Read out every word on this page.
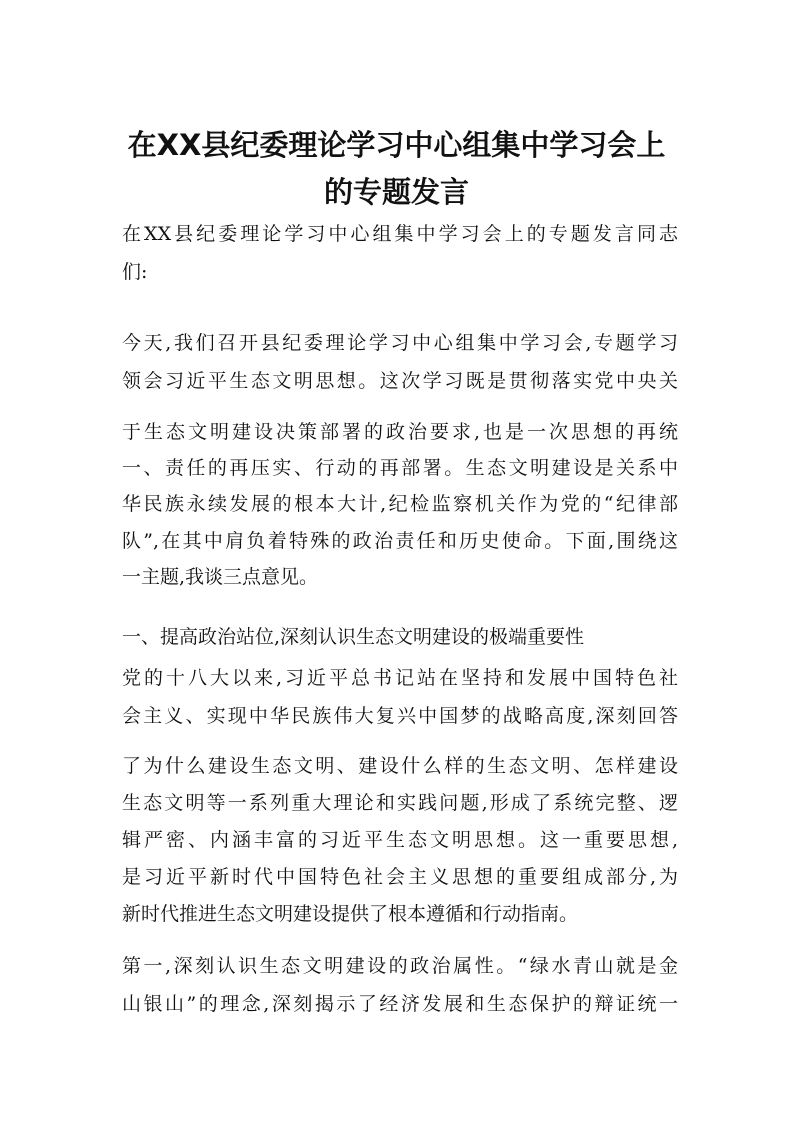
在XX县纪委理论学习中心组集中学习会上
的专题发言
在XX县纪委理论学习中心组集中学习会上的专题发言同志
们:
今天,我们召开县纪委理论学习中心组集中学习会,专题学习
领会习近平生态文明思想。这次学习既是贯彻落实党中央关
于生态文明建设决策部署的政治要求,也是一次思想的再统
一、责任的再压实、行动的再部署。生态文明建设是关系中
华民族永续发展的根本大计,纪检监察机关作为党的“纪律部
队”,在其中肩负着特殊的政治责任和历史使命。下面,围绕这
一主题,我谈三点意见。
一、提高政治站位,深刻认识生态文明建设的极端重要性
党的十八大以来,习近平总书记站在坚持和发展中国特色社
会主义、实现中华民族伟大复兴中国梦的战略高度,深刻回答
了为什么建设生态文明、建设什么样的生态文明、怎样建设
生态文明等一系列重大理论和实践问题,形成了系统完整、逻
辑严密、内涵丰富的习近平生态文明思想。这一重要思想,
是习近平新时代中国特色社会主义思想的重要组成部分,为
新时代推进生态文明建设提供了根本遵循和行动指南。
第一,深刻认识生态文明建设的政治属性。“绿水青山就是金
山银山”的理念,深刻揭示了经济发展和生态保护的辩证统一
